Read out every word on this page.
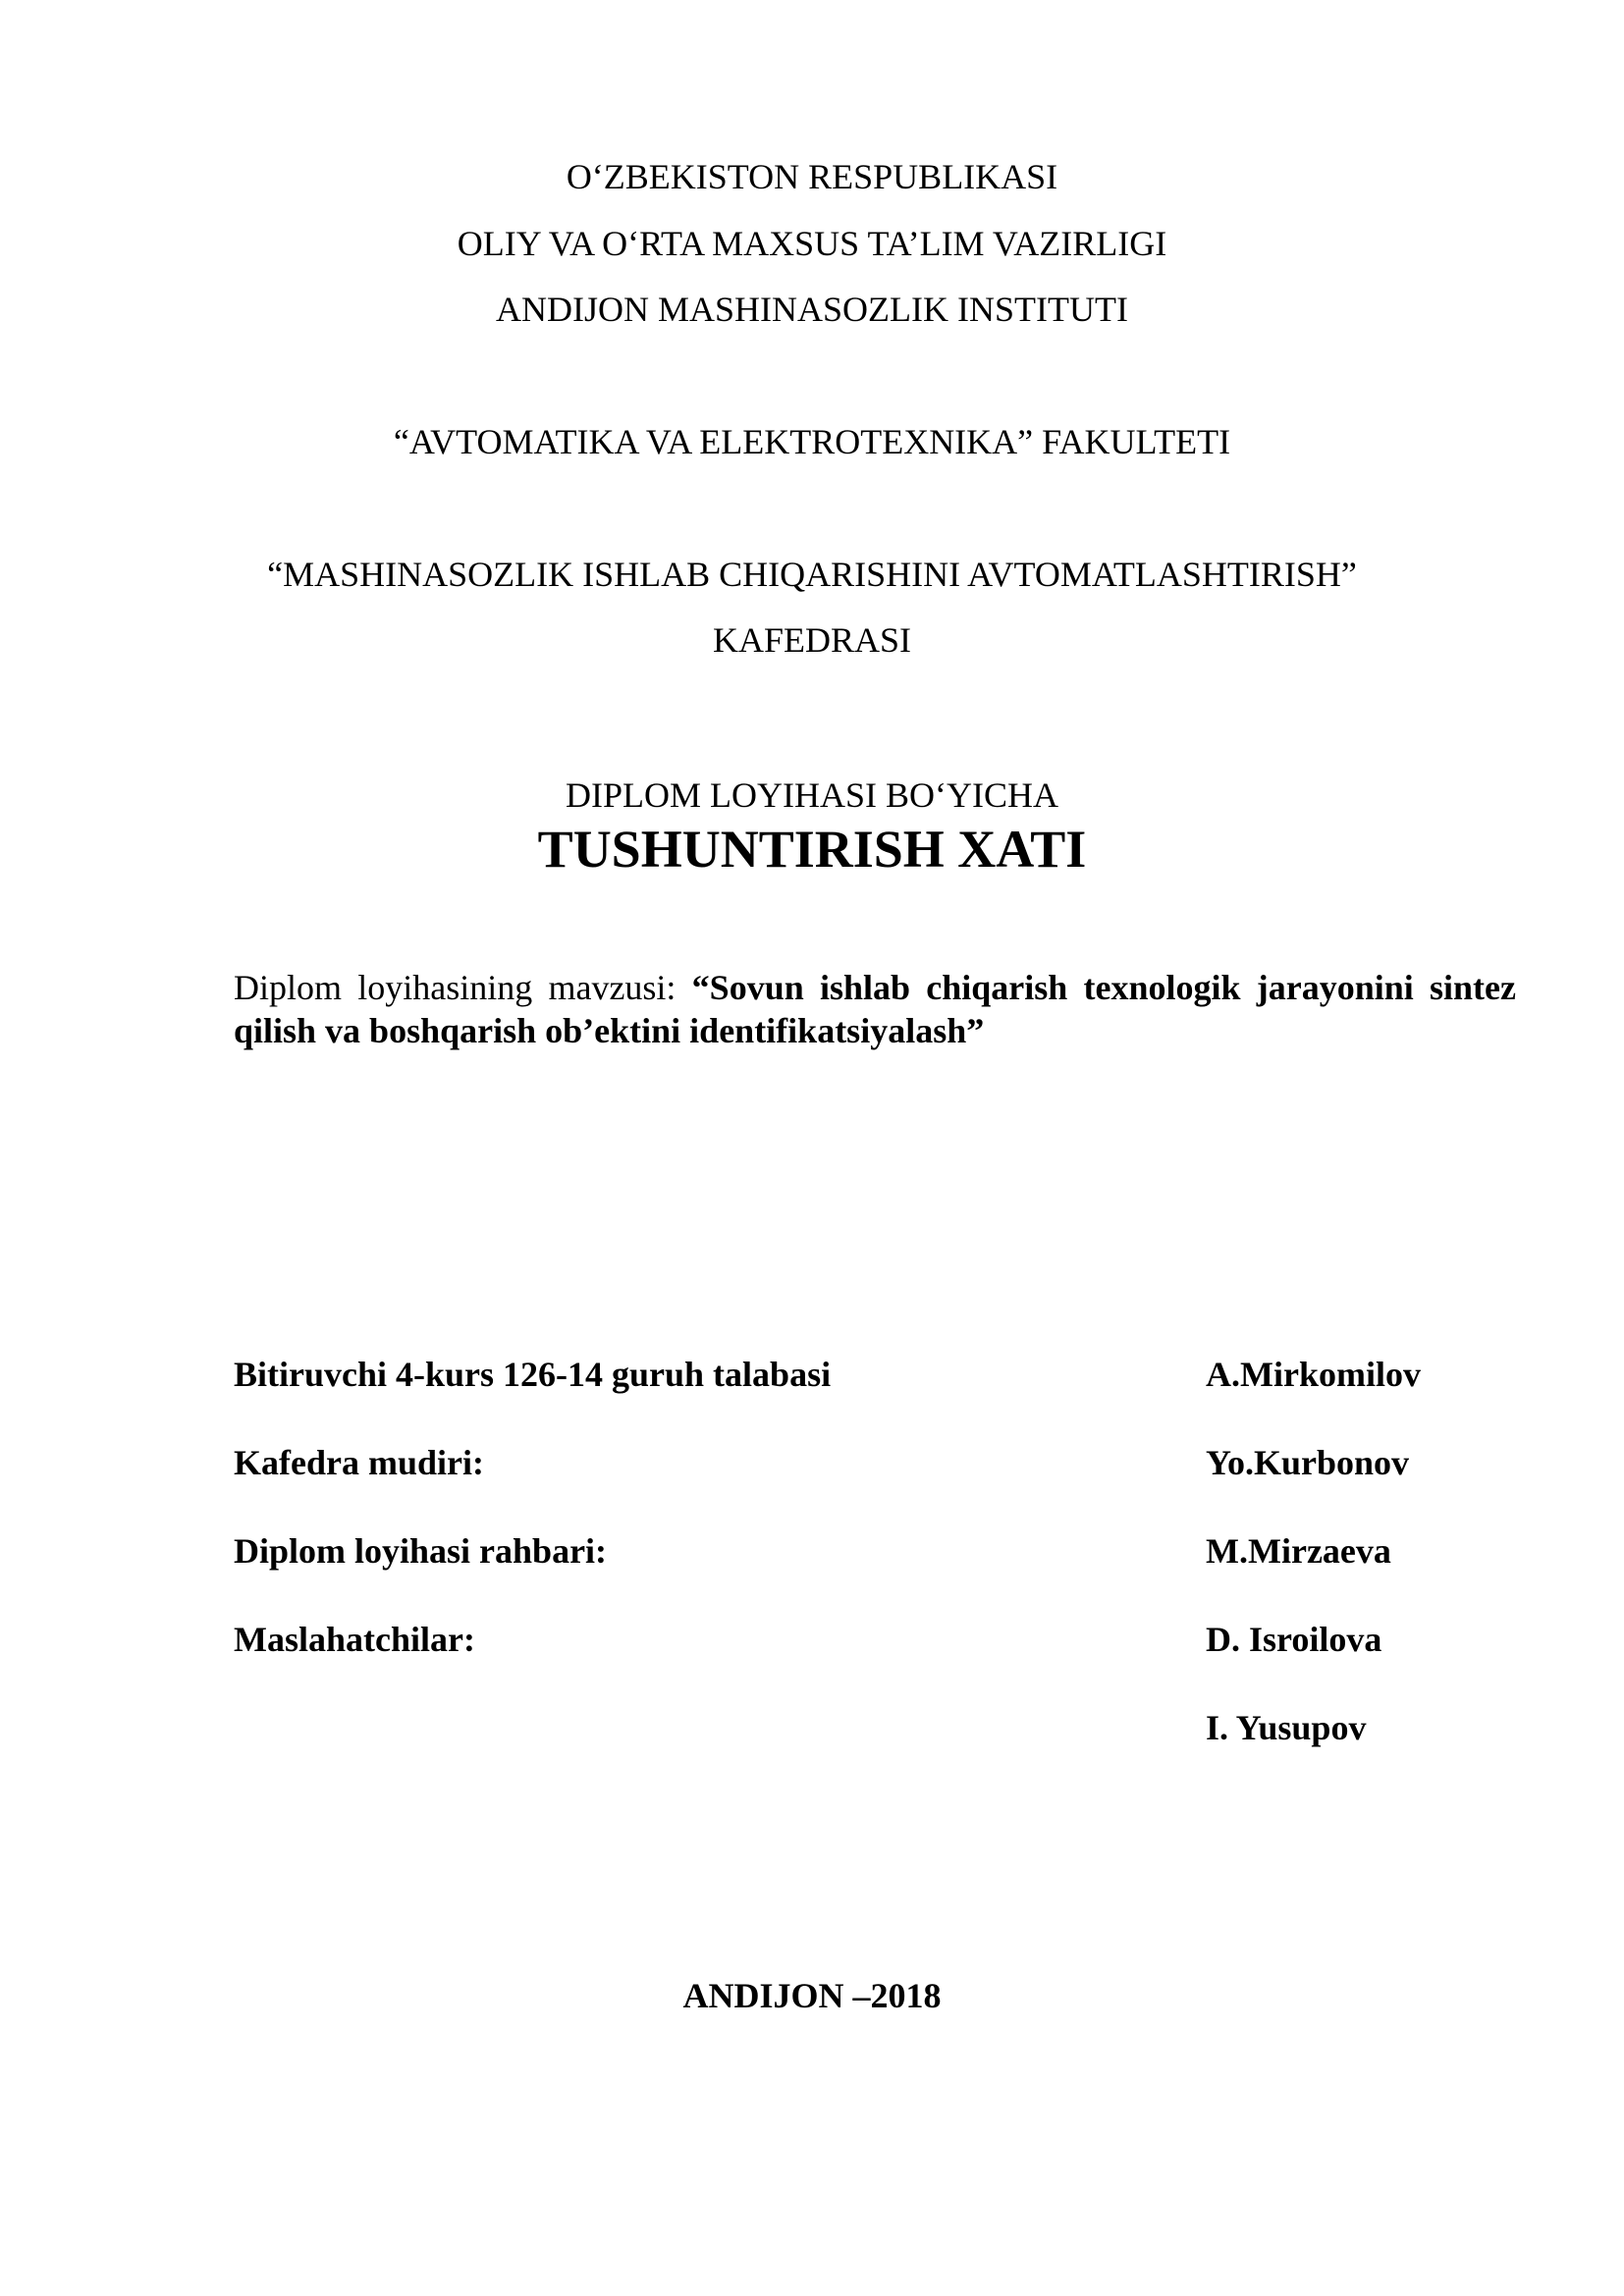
O‘ZBEKISTON RESPUBLIKASI
OLIY VA O‘RTA MAXSUS TA’LIM VAZIRLIGI
ANDIJON MASHINASOZLIK INSTITUTI
“AVTOMATIKA VA ELEKTROTEXNIKA” FAKULTETI
“MASHINASOZLIK ISHLAB CHIQARISHINI AVTOMATLASHTIRISH”
KAFEDRASI
DIPLOM LOYIHASI BO‘YICHA
TUSHUNTIRISH XATI
Diplom loyihasining mavzusi: “Sovun ishlab chiqarish texnologik jarayonini sintez qilish va boshqarish ob’ektini identifikatsiyalash”
Bitiruvchi 4-kurs 126-14 guruh talabasi	A.Mirkomilov
Kafedra mudiri:	Yo.Kurbonov
Diplom loyihasi rahbari:	M.Mirzaeva
Maslahatchilar:	D. Isroilova
I. Yusupov
ANDIJON –2018
